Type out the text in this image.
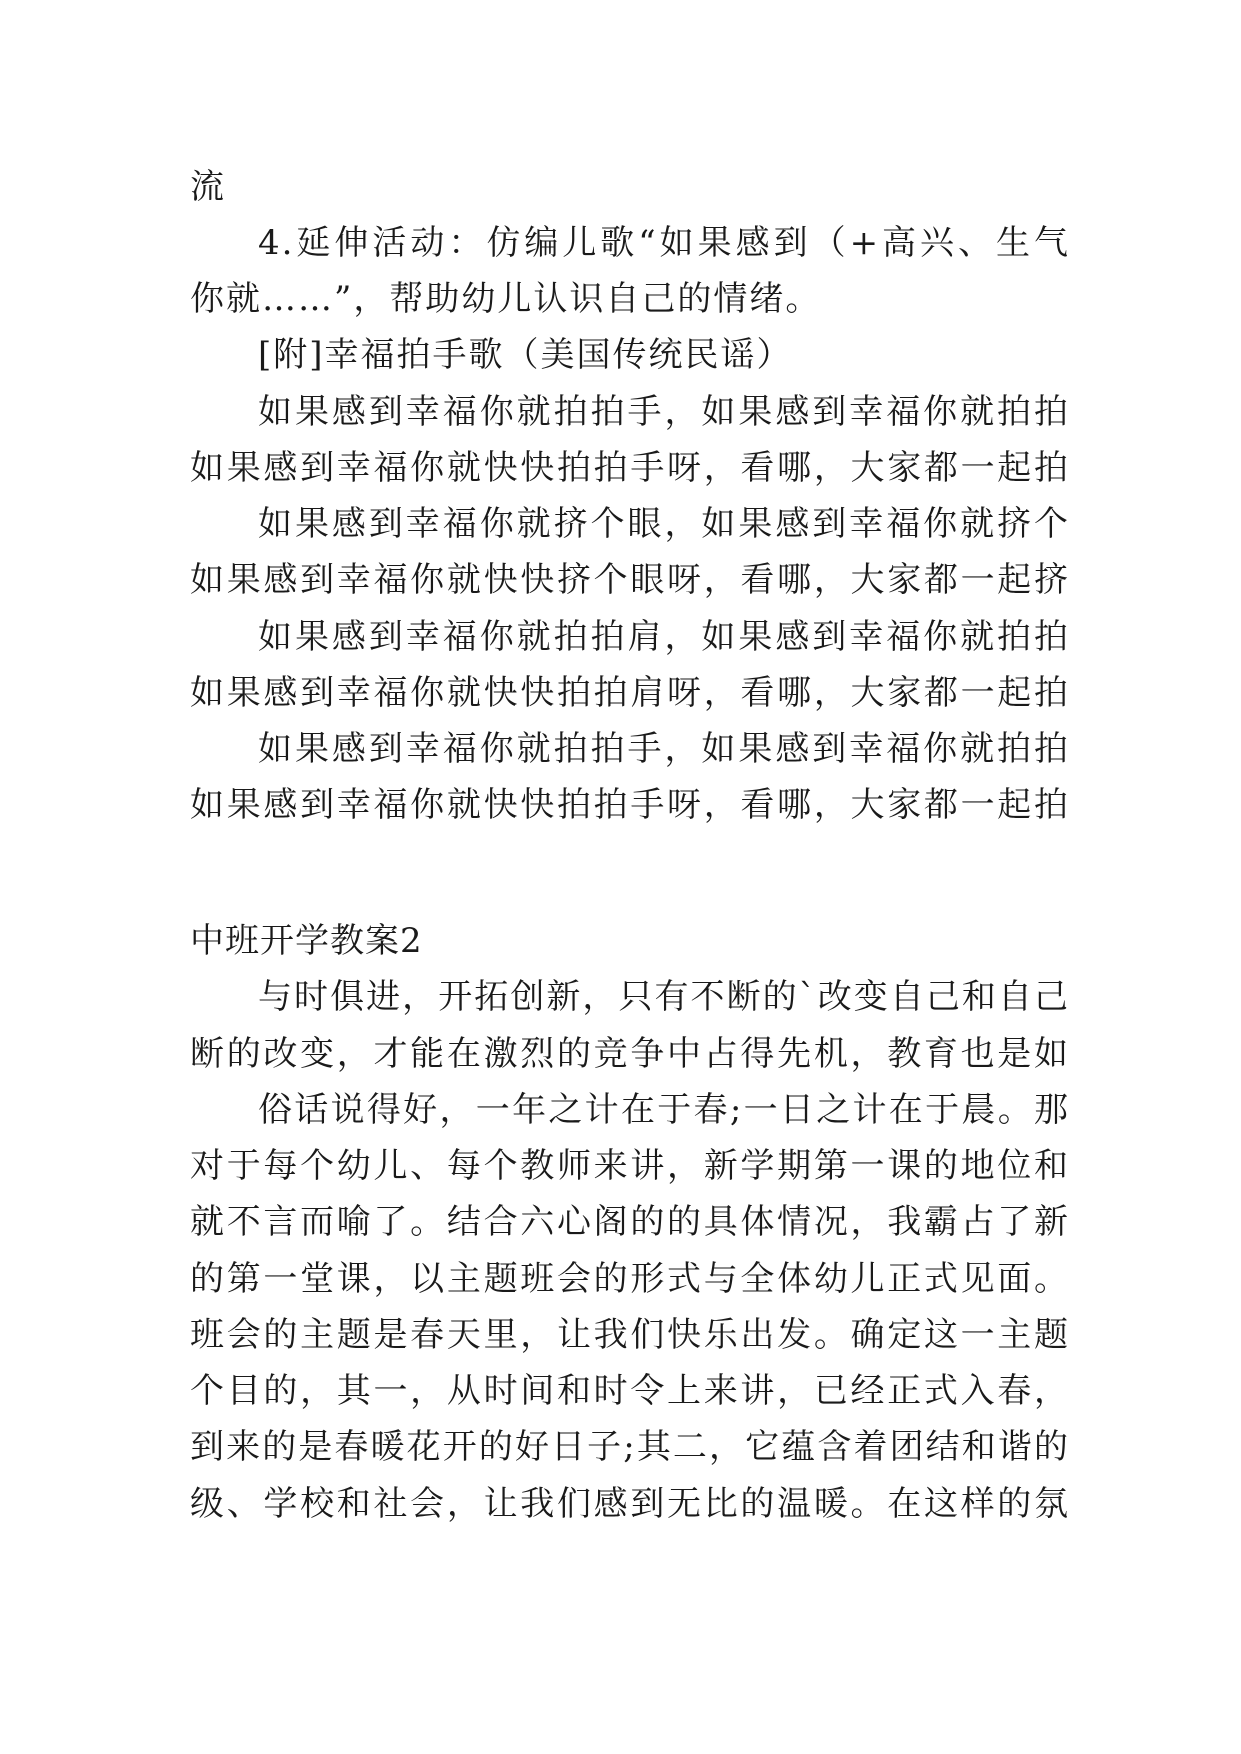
流
4.延伸活动：仿编儿歌“如果感到（+高兴、生气
你就……”，帮助幼儿认识自己的情绪。
[附]幸福拍手歌（美国传统民谣）
如果感到幸福你就拍拍手，如果感到幸福你就拍拍
如果感到幸福你就快快拍拍手呀，看哪，大家都一起拍
如果感到幸福你就挤个眼，如果感到幸福你就挤个
如果感到幸福你就快快挤个眼呀，看哪，大家都一起挤
如果感到幸福你就拍拍肩，如果感到幸福你就拍拍
如果感到幸福你就快快拍拍肩呀，看哪，大家都一起拍
如果感到幸福你就拍拍手，如果感到幸福你就拍拍
如果感到幸福你就快快拍拍手呀，看哪，大家都一起拍
中班开学教案2
与时俱进，开拓创新，只有不断的`改变自己和自己
断的改变，才能在激烈的竞争中占得先机，教育也是如
俗话说得好，一年之计在于春;一日之计在于晨。那
对于每个幼儿、每个教师来讲，新学期第一课的地位和
就不言而喻了。结合六心阁的的具体情况，我霸占了新
的第一堂课，以主题班会的形式与全体幼儿正式见面。
班会的主题是春天里，让我们快乐出发。确定这一主题
个目的，其一，从时间和时令上来讲，已经正式入春，
到来的是春暖花开的好日子;其二，它蕴含着团结和谐的
级、学校和社会，让我们感到无比的温暖。在这样的氛
